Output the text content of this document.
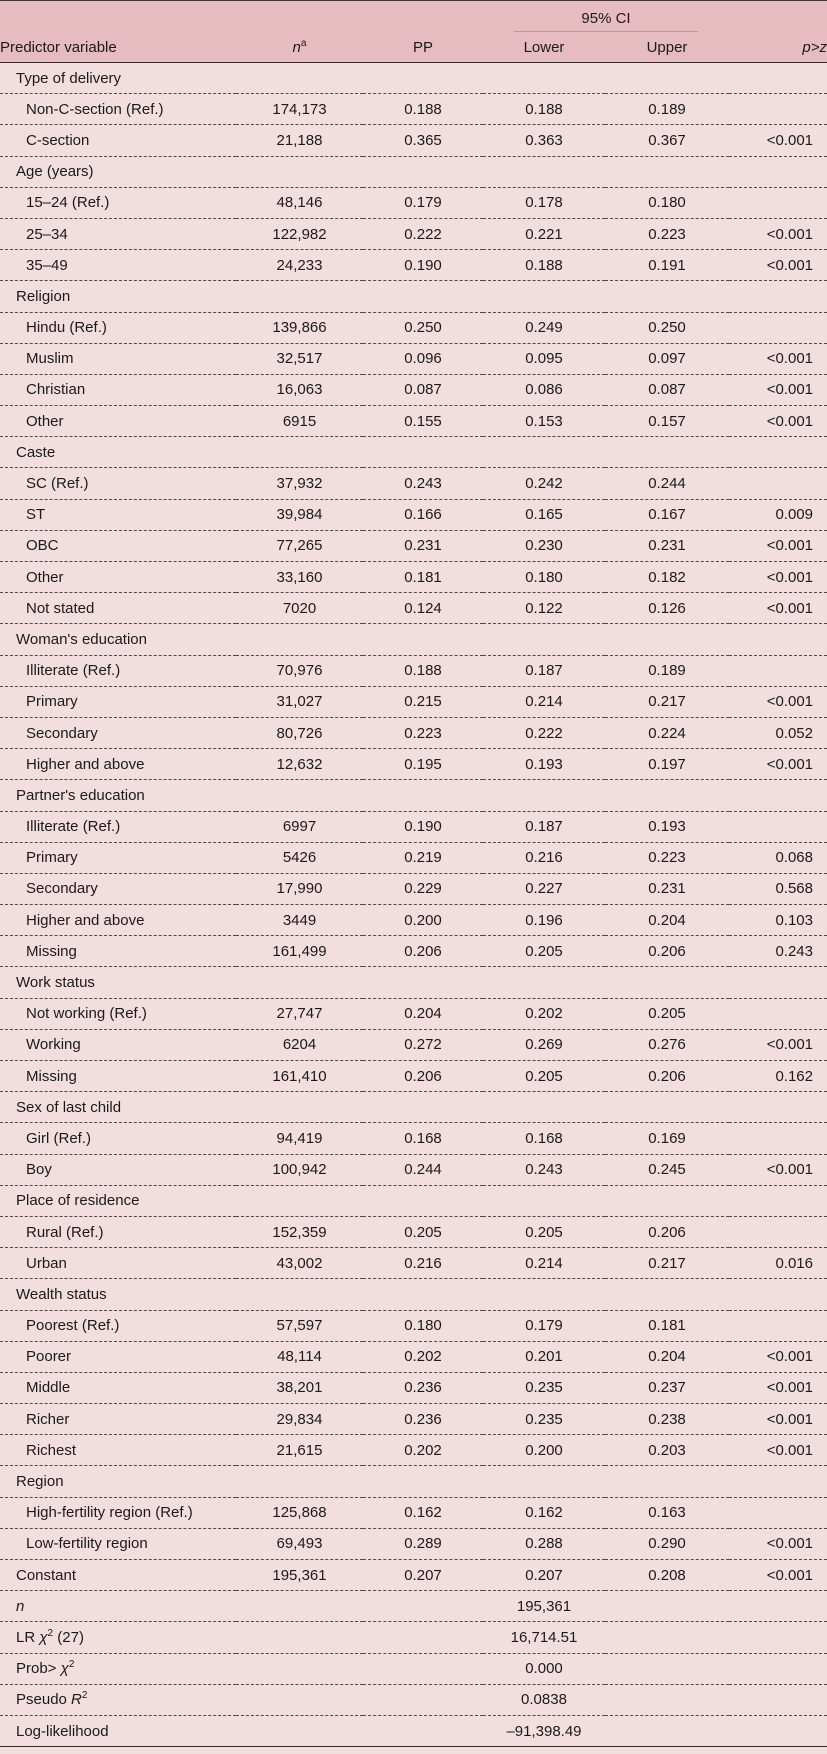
			95% CI		
Predictor variable	$n^a$	PP	Lower	Upper	p>z
Type of delivery					
Non-C-section (Ref.)	174,173	0.188	0.188	0.189	
C-section	21,188	0.365	0.363	0.367	<0.001
Age (years)					
15–24 (Ref.)	48,146	0.179	0.178	0.180	
25–34	122,982	0.222	0.221	0.223	<0.001
35–49	24,233	0.190	0.188	0.191	<0.001
Religion					
Hindu (Ref.)	139,866	0.250	0.249	0.250	
Muslim	32,517	0.096	0.095	0.097	<0.001
Christian	16,063	0.087	0.086	0.087	<0.001
Other	6915	0.155	0.153	0.157	<0.001
Caste					
SC (Ref.)	37,932	0.243	0.242	0.244	
ST	39,984	0.166	0.165	0.167	0.009
OBC	77,265	0.231	0.230	0.231	<0.001
Other	33,160	0.181	0.180	0.182	<0.001
Not stated	7020	0.124	0.122	0.126	<0.001
Woman's education					
Illiterate (Ref.)	70,976	0.188	0.187	0.189	
Primary	31,027	0.215	0.214	0.217	<0.001
Secondary	80,726	0.223	0.222	0.224	0.052
Higher and above	12,632	0.195	0.193	0.197	<0.001
Partner's education					
Illiterate (Ref.)	6997	0.190	0.187	0.193	
Primary	5426	0.219	0.216	0.223	0.068
Secondary	17,990	0.229	0.227	0.231	0.568
Higher and above	3449	0.200	0.196	0.204	0.103
Missing	161,499	0.206	0.205	0.206	0.243
Work status					
Not working (Ref.)	27,747	0.204	0.202	0.205	
Working	6204	0.272	0.269	0.276	<0.001
Missing	161,410	0.206	0.205	0.206	0.162
Sex of last child					
Girl (Ref.)	94,419	0.168	0.168	0.169	
Boy	100,942	0.244	0.243	0.245	<0.001
Place of residence					
Rural (Ref.)	152,359	0.205	0.205	0.206	
Urban	43,002	0.216	0.214	0.217	0.016
Wealth status					
Poorest (Ref.)	57,597	0.180	0.179	0.181	
Poorer	48,114	0.202	0.201	0.204	<0.001
Middle	38,201	0.236	0.235	0.237	<0.001
Richer	29,834	0.236	0.235	0.238	<0.001
Richest	21,615	0.202	0.200	0.203	<0.001
Region					
High-fertility region (Ref.)	125,868	0.162	0.162	0.163	
Low-fertility region	69,493	0.289	0.288	0.290	<0.001
Constant	195,361	0.207	0.207	0.208	<0.001
n			195,361		
LR $\chi^2$ (27)			16,714.51		
Prob> $\chi^2$			0.000		
Pseudo $R^2$			0.0838		
Log-likelihood			–91,398.49		
